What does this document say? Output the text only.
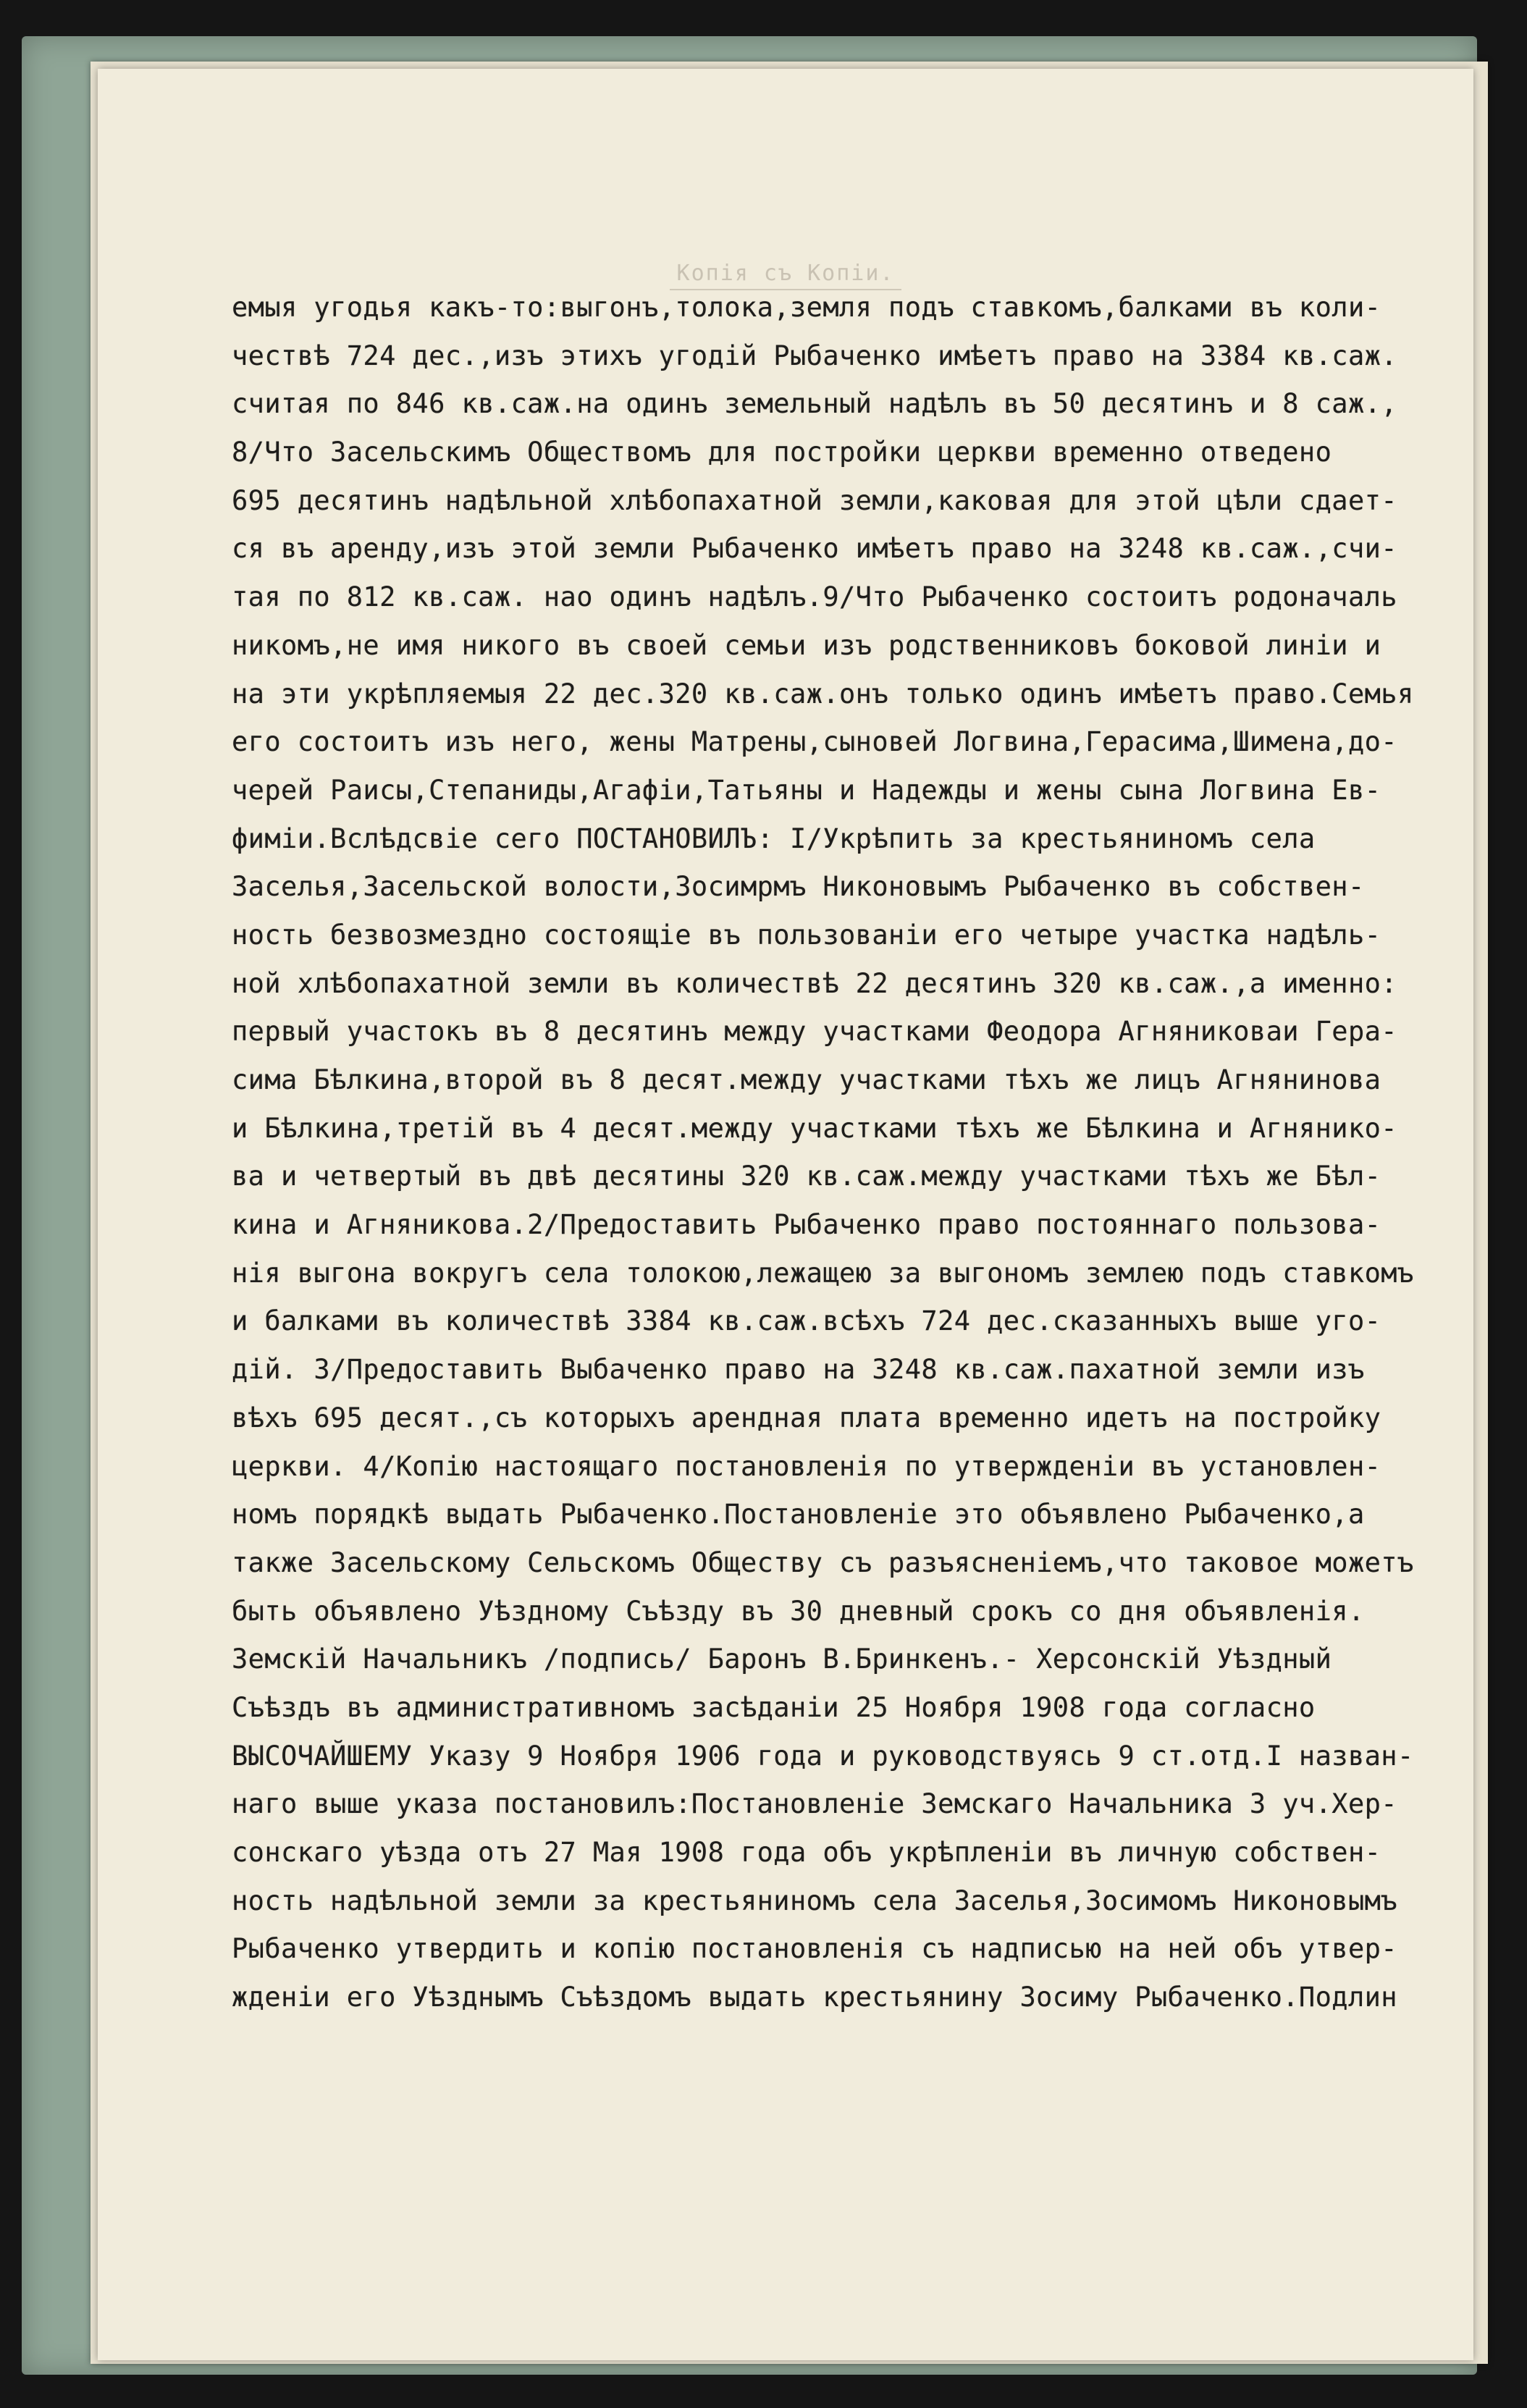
Копiя съ Копiи.
емыя угодья какъ-то:выгонъ,толока,земля подъ ставкомъ,балками въ коли-
чествѣ 724 дес.,изъ этихъ угодiй Рыбаченко имѣетъ право на 3384 кв.саж.
считая по 846 кв.саж.на одинъ земельный надѣлъ въ 50 десятинъ и 8 саж.,
8/Что Засельскимъ Обществомъ для постройки церкви временно отведено
695 десятинъ надѣльной хлѣбопахатной земли,каковая для этой цѣли сдает-
ся въ аренду,изъ этой земли Рыбаченко имѣетъ право на 3248 кв.саж.,счи-
тая по 812 кв.саж. нао одинъ надѣлъ.9/Что Рыбаченко состоитъ родоначаль
никомъ,не имя никого въ своей семьи изъ родственниковъ боковой линiи и
на эти укрѣпляемыя 22 дес.320 кв.саж.онъ только одинъ имѣетъ право.Семья
его состоитъ изъ него, жены Матрены,сыновей Логвина,Герасима,Шимена,до-
черей Раисы,Степаниды,Агафiи,Татьяны и Надежды и жены сына Логвина Ев-
фимiи.Вслѣдсвiе сего ПОСТАНОВИЛЪ: I/Укрѣпить за крестьяниномъ села
Заселья,Засельской волости,Зосимрмъ Никоновымъ Рыбаченко въ собствен-
ность безвозмездно состоящiе въ пользованiи его четыре участка надѣль-
ной хлѣбопахатной земли въ количествѣ 22 десятинъ 320 кв.саж.,а именно:
первый участокъ въ 8 десятинъ между участками Феодора Агняниковаи Гера-
сима Бѣлкина,второй въ 8 десят.между участками тѣхъ же лицъ Агнянинова
и Бѣлкина,третiй въ 4 десят.между участками тѣхъ же Бѣлкина и Агнянико-
ва и четвертый въ двѣ десятины 320 кв.саж.между участками тѣхъ же Бѣл-
кина и Агняникова.2/Предоставить Рыбаченко право постояннаго пользова-
нiя выгона вокругъ села толокою,лежащею за выгономъ землею подъ ставкомъ
и балками въ количествѣ 3384 кв.саж.всѣхъ 724 дес.сказанныхъ выше уго-
дiй. 3/Предоставить Выбаченко право на 3248 кв.саж.пахатной земли изъ
вѣхъ 695 десят.,съ которыхъ арендная плата временно идетъ на постройку
церкви. 4/Копiю настоящаго постановленiя по утвержденiи въ установлен-
номъ порядкѣ выдать Рыбаченко.Постановленiе это объявлено Рыбаченко,а
также Засельскому Сельскомъ Обществу съ разъясненiемъ,что таковое можетъ
быть объявлено Уѣздному Съѣзду въ 30 дневный срокъ со дня объявленiя.
Земскiй Начальникъ /подпись/ Баронъ В.Бринкенъ.- Херсонскiй Уѣздный
Съѣздъ въ административномъ засѣданiи 25 Ноября 1908 года согласно
ВЫСОЧАЙШЕМУ Указу 9 Ноября 1906 года и руководствуясь 9 ст.отд.I назван-
наго выше указа постановилъ:Постановленiе Земскаго Начальника 3 уч.Хер-
сонскаго уѣзда отъ 27 Мая 1908 года объ укрѣпленiи въ личную собствен-
ность надѣльной земли за крестьяниномъ села Заселья,Зосимомъ Никоновымъ
Рыбаченко утвердить и копiю постановленiя съ надписью на ней объ утвер-
жденiи его Уѣзднымъ Съѣздомъ выдать крестьянину Зосиму Рыбаченко.Подлин
